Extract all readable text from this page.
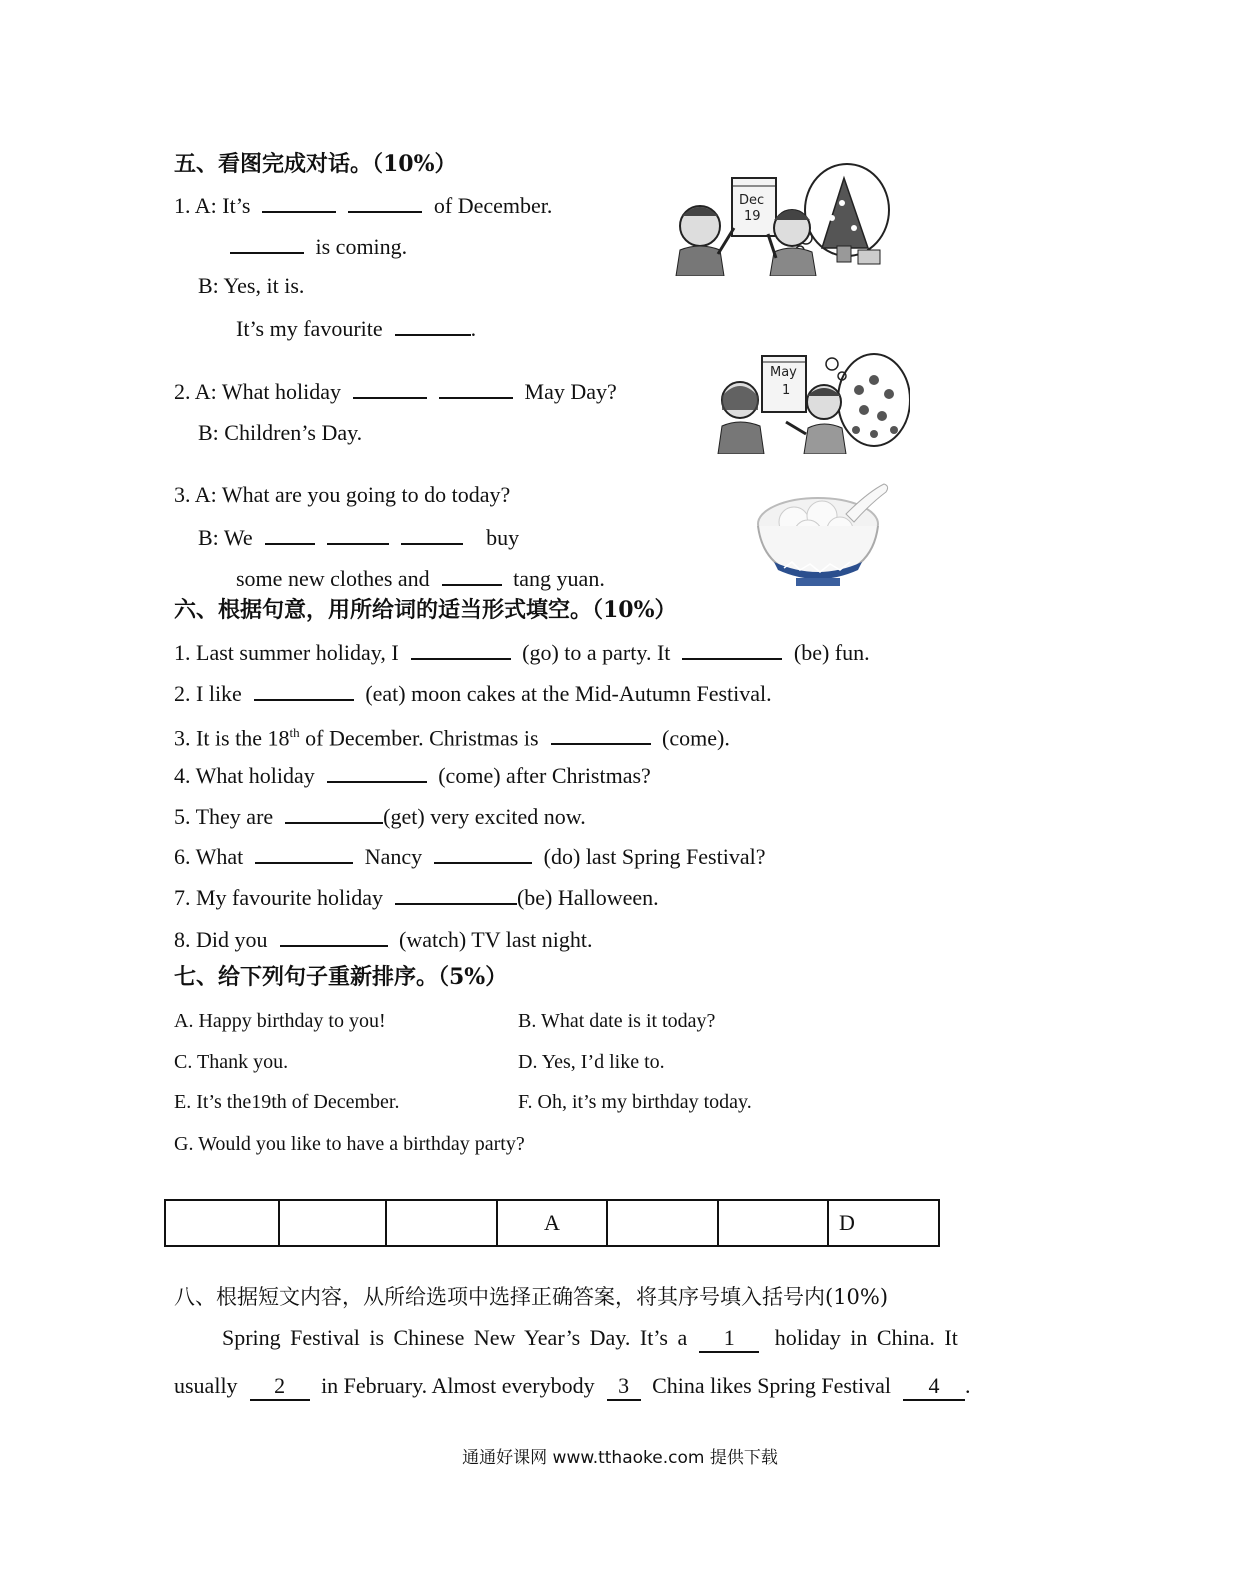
五、看图完成对话。（10%）
1. A: It’s	of December.
is coming.
B: Yes, it is.
It’s my favourite	.
Dec
19
2. A: What holiday	May Day?
B: Children’s Day.
May
1
3. A: What are you going to do today?
B: We	buy
some new clothes and	tang yuan.
六、根据句意，用所给词的适当形式填空。（10%）
1. Last summer holiday, I	(go) to a party. It	(be) fun.
2. I like	(eat) moon cakes at the Mid-Autumn Festival.
3. It is the 18th of December. Christmas is	(come).
4. What holiday	(come) after Christmas?
5. They are	(get) very excited now.
6. What	Nancy	(do) last Spring Festival?
7. My favourite holiday	(be) Halloween.
8. Did you	(watch) TV last night.
七、给下列句子重新排序。（5%）
A. Happy birthday to you!	B. What date is it today?
C. Thank you.	D. Yes, I’d like to.
E. It’s the19th of December.	F. Oh, it’s my birthday today.
G. Would you like to have a birthday party?
			A			D
八、根据短文内容，从所给选项中选择正确答案，将其序号填入括号内(10%)
Spring Festival is Chinese New Year’s Day. It’s a 1 holiday in China. It
usually 2 in February. Almost everybody 3 China likes Spring Festival 4 .
通通好课网 www.tthaoke.com 提供下载
